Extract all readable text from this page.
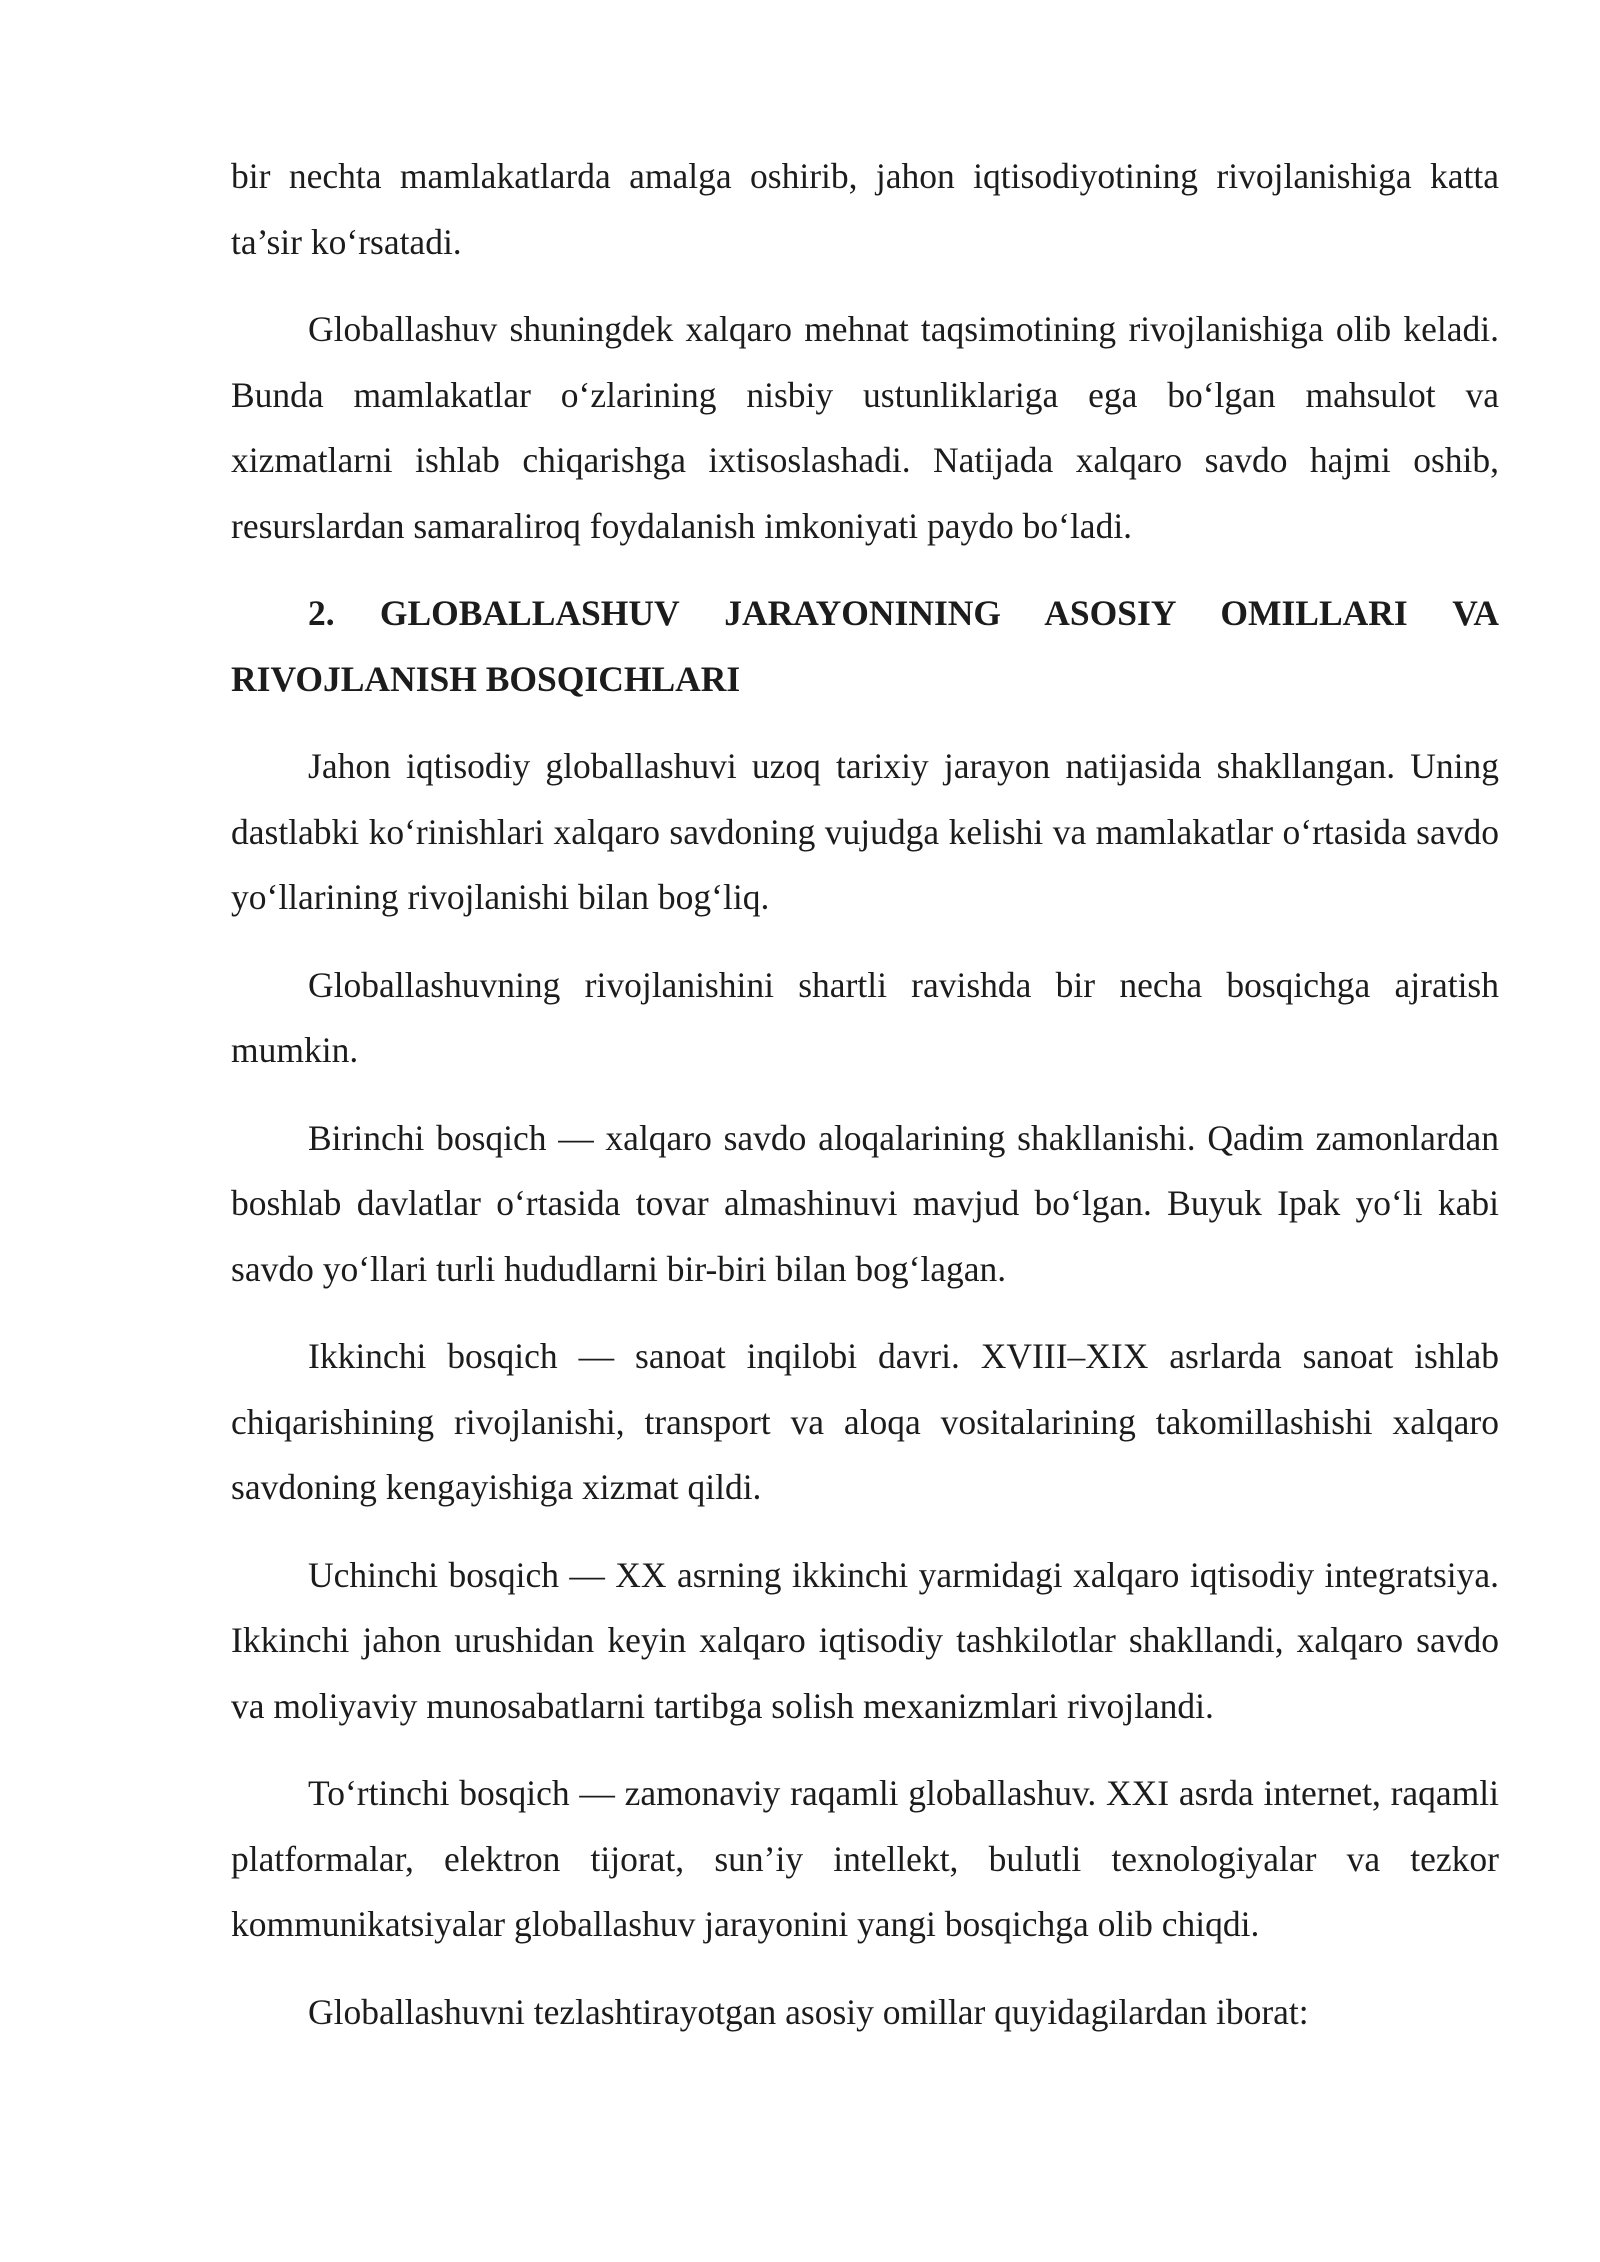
bir nechta mamlakatlarda amalga oshirib, jahon iqtisodiyotining rivojlanishiga katta ta’sir ko‘rsatadi.

Globallashuv shuningdek xalqaro mehnat taqsimotining rivojlanishiga olib keladi. Bunda mamlakatlar o‘zlarining nisbiy ustunliklariga ega bo‘lgan mahsulot va xizmatlarni ishlab chiqarishga ixtisoslashadi. Natijada xalqaro savdo hajmi oshib, resurslardan samaraliroq foydalanish imkoniyati paydo bo‘ladi.

2. GLOBALLASHUV JARAYONINING ASOSIY OMILLARI VA RIVOJLANISH BOSQICHLARI

Jahon iqtisodiy globallashuvi uzoq tarixiy jarayon natijasida shakllangan. Uning dastlabki ko‘rinishlari xalqaro savdoning vujudga kelishi va mamlakatlar o‘rtasida savdo yo‘llarining rivojlanishi bilan bog‘liq.

Globallashuvning rivojlanishini shartli ravishda bir necha bosqichga ajratish mumkin.

Birinchi bosqich — xalqaro savdo aloqalarining shakllanishi. Qadim zamonlardan boshlab davlatlar o‘rtasida tovar almashinuvi mavjud bo‘lgan. Buyuk Ipak yo‘li kabi savdo yo‘llari turli hududlarni bir-biri bilan bog‘lagan.

Ikkinchi bosqich — sanoat inqilobi davri. XVIII–XIX asrlarda sanoat ishlab chiqarishining rivojlanishi, transport va aloqa vositalarining takomillashishi xalqaro savdoning kengayishiga xizmat qildi.

Uchinchi bosqich — XX asrning ikkinchi yarmidagi xalqaro iqtisodiy integratsiya. Ikkinchi jahon urushidan keyin xalqaro iqtisodiy tashkilotlar shakllandi, xalqaro savdo va moliyaviy munosabatlarni tartibga solish mexanizmlari rivojlandi.

To‘rtinchi bosqich — zamonaviy raqamli globallashuv. XXI asrda internet, raqamli platformalar, elektron tijorat, sun’iy intellekt, bulutli texnologiyalar va tezkor kommunikatsiyalar globallashuv jarayonini yangi bosqichga olib chiqdi.

Globallashuvni tezlashtirayotgan asosiy omillar quyidagilardan iborat:
